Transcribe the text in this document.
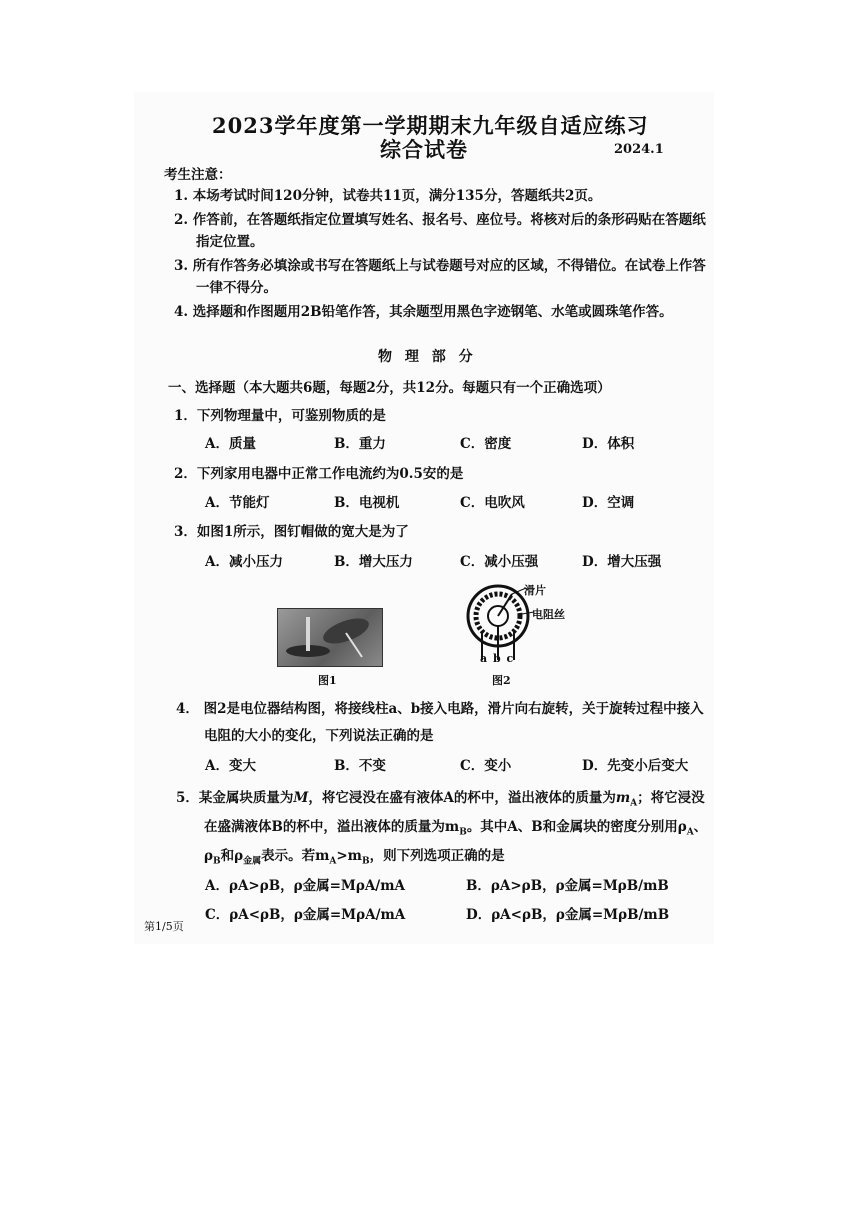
2023学年度第一学期期末九年级自适应练习
综合试卷	2024.1
考生注意：
1. 本场考试时间120分钟，试卷共11页，满分135分，答题纸共2页。
2. 作答前，在答题纸指定位置填写姓名、报名号、座位号。将核对后的条形码贴在答题纸
指定位置。
3. 所有作答务必填涂或书写在答题纸上与试卷题号对应的区域，不得错位。在试卷上作答
一律不得分。
4. 选择题和作图题用2B铅笔作答，其余题型用黑色字迹钢笔、水笔或圆珠笔作答。
物 理 部 分
一、选择题（本大题共6题，每题2分，共12分。每题只有一个正确选项）
1．下列物理量中，可鉴别物质的是
A．质量	B．重力	C．密度	D．体积
2．下列家用电器中正常工作电流约为0.5安的是
A．节能灯	B．电视机	C．电吹风	D．空调
3．如图1所示，图钉帽做的宽大是为了
A．减小压力	B．增大压力	C．减小压强	D．增大压强
图1
滑片
电阻丝
a b c
图2
4． 图2是电位器结构图，将接线柱a、b接入电路，滑片向右旋转，关于旋转过程中接入
电阻的大小的变化，下列说法正确的是
A．变大	B．不变	C．变小	D．先变小后变大
5．某金属块质量为M，将它浸没在盛有液体A的杯中，溢出液体的质量为$m_A$；将它浸没
在盛满液体B的杯中，溢出液体的质量为$m_B$。其中A、B和金属块的密度分别用$\rho_A$、
$\rho_B$和$\rho_{金属}$表示。若$m_A>m_B$，则下列选项正确的是
A．ρA>ρB，ρ金属=MρA/mA	B．ρA>ρB，ρ金属=MρB/mB
C．ρA<ρB，ρ金属=MρA/mA	D．ρA<ρB，ρ金属=MρB/mB
第1/5页
